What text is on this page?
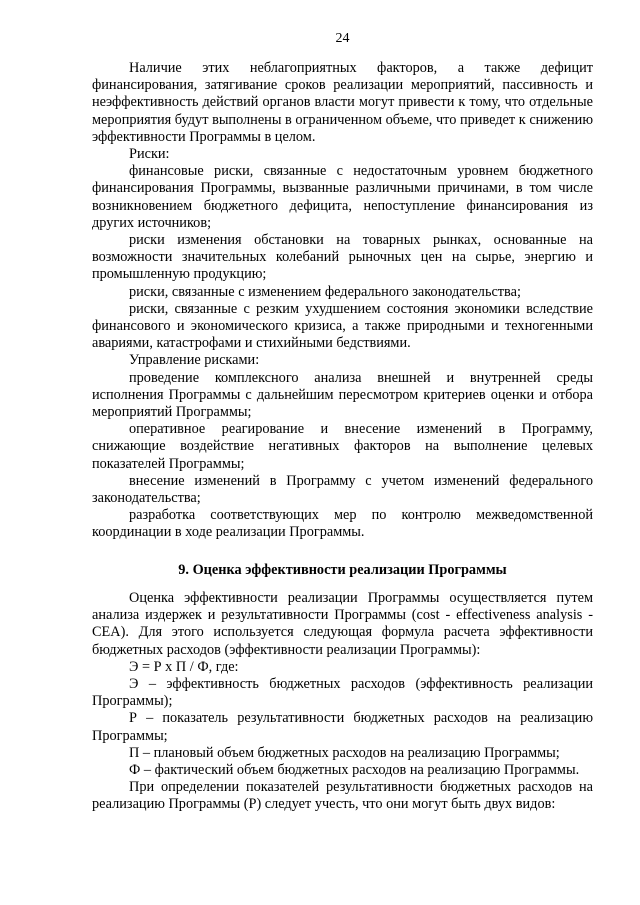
24

Наличие этих неблагоприятных факторов, а также дефицит финансирования, затягивание сроков реализации мероприятий, пассивность и неэффективность действий органов власти могут привести к тому, что отдельные мероприятия будут выполнены в ограниченном объеме, что приведет к снижению эффективности Программы в целом.

Риски:

финансовые риски, связанные с недостаточным уровнем бюджетного финансирования Программы, вызванные различными причинами, в том числе возникновением бюджетного дефицита, непоступление финансирования из других источников;

риски изменения обстановки на товарных рынках, основанные на возможности значительных колебаний рыночных цен на сырье, энергию и промышленную продукцию;

риски, связанные с изменением федерального законодательства;

риски, связанные с резким ухудшением состояния экономики вследствие финансового и экономического кризиса, а также природными и техногенными авариями, катастрофами и стихийными бедствиями.

Управление рисками:

проведение комплексного анализа внешней и внутренней среды исполнения Программы с дальнейшим пересмотром критериев оценки и отбора мероприятий Программы;

оперативное реагирование и внесение изменений в Программу, снижающие воздействие негативных факторов на выполнение целевых показателей Программы;

внесение изменений в Программу с учетом изменений федерального законодательства;

разработка соответствующих мер по контролю межведомственной координации в ходе реализации Программы.

9. Оценка эффективности реализации Программы

Оценка эффективности реализации Программы осуществляется путем анализа издержек и результативности Программы (cost - effectiveness analysis - CEA). Для этого используется следующая формула расчета эффективности бюджетных расходов (эффективности реализации Программы):

Э = Р х П / Ф, где:

Э – эффективность бюджетных расходов (эффективность реализации Программы);

Р – показатель результативности бюджетных расходов на реализацию Программы;

П – плановый объем бюджетных расходов на реализацию Программы;

Ф – фактический объем бюджетных расходов на реализацию Программы.

При определении показателей результативности бюджетных расходов на реализацию Программы (Р) следует учесть, что они могут быть двух видов:
